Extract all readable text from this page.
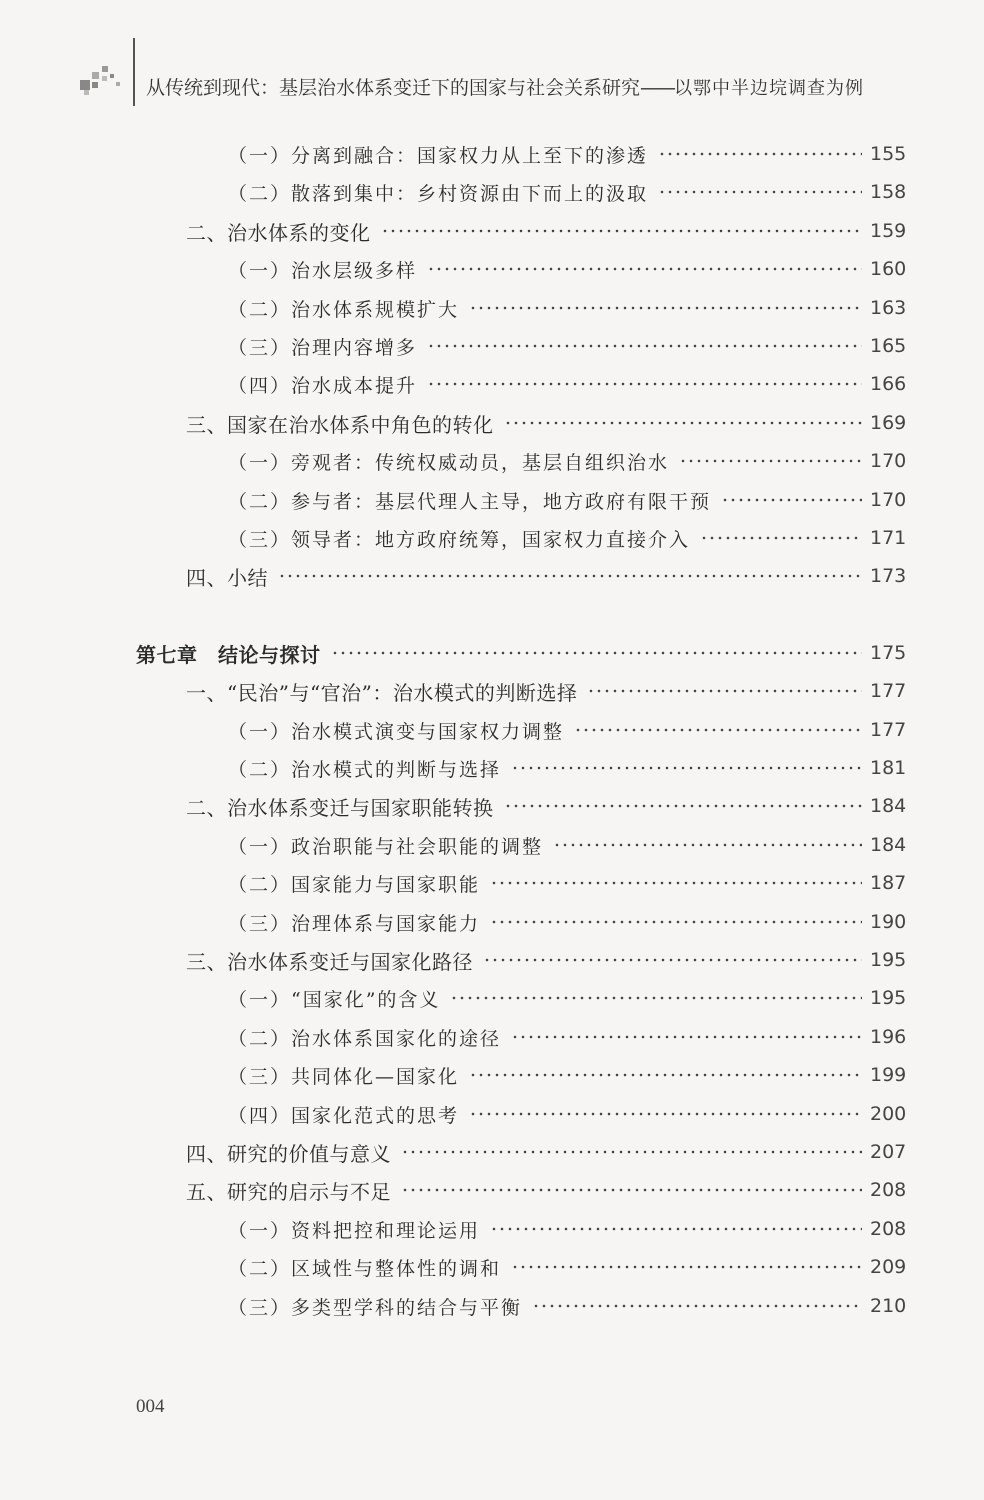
从传统到现代：基层治水体系变迁下的国家与社会关系研究——以鄂中半边垸调查为例
（一）分离到融合：国家权力从上至下的渗透	155
（二）散落到集中：乡村资源由下而上的汲取	158
二、治水体系的变化	159
（一）治水层级多样	160
（二）治水体系规模扩大	163
（三）治理内容增多	165
（四）治水成本提升	166
三、国家在治水体系中角色的转化	169
（一）旁观者：传统权威动员，基层自组织治水	170
（二）参与者：基层代理人主导，地方政府有限干预	170
（三）领导者：地方政府统筹，国家权力直接介入	171
四、小结	173
第七章　结论与探讨	175
一、“民治”与“官治”：治水模式的判断选择	177
（一）治水模式演变与国家权力调整	177
（二）治水模式的判断与选择	181
二、治水体系变迁与国家职能转换	184
（一）政治职能与社会职能的调整	184
（二）国家能力与国家职能	187
（三）治理体系与国家能力	190
三、治水体系变迁与国家化路径	195
（一）“国家化”的含义	195
（二）治水体系国家化的途径	196
（三）共同体化—国家化	199
（四）国家化范式的思考	200
四、研究的价值与意义	207
五、研究的启示与不足	208
（一）资料把控和理论运用	208
（二）区域性与整体性的调和	209
（三）多类型学科的结合与平衡	210
004
